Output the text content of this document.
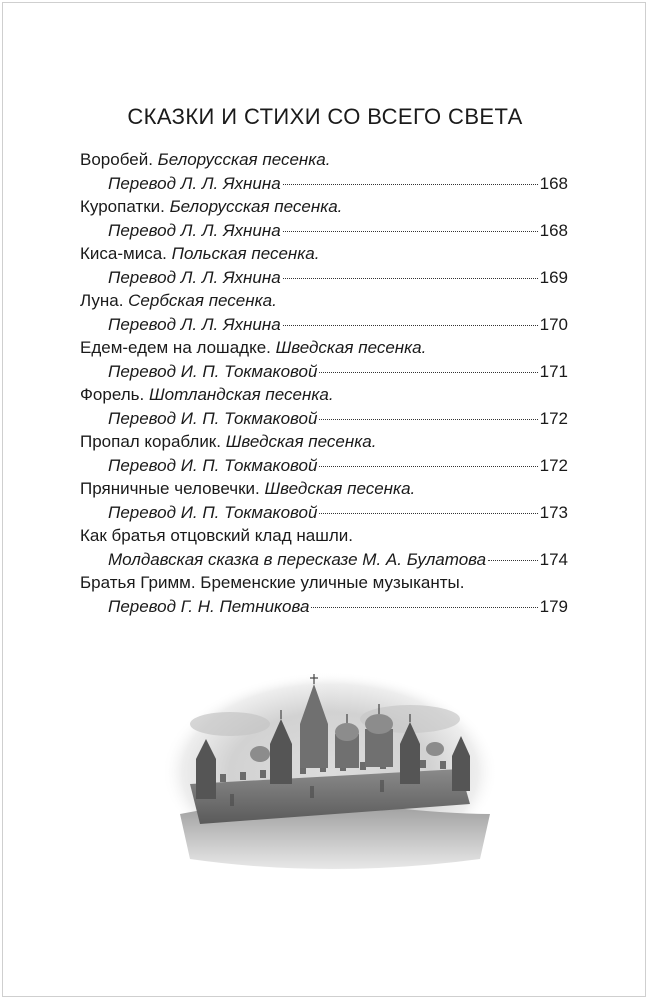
СКАЗКИ И СТИХИ СО ВСЕГО СВЕТА
Воробей. Белорусская песенка.
Перевод Л. Л. Яхнина	168
Куропатки. Белорусская песенка.
Перевод Л. Л. Яхнина	168
Киса-миса. Польская песенка.
Перевод Л. Л. Яхнина	169
Луна. Сербская песенка.
Перевод Л. Л. Яхнина	170
Едем-едем на лошадке. Шведская песенка.
Перевод И. П. Токмаковой	171
Форель. Шотландская песенка.
Перевод И. П. Токмаковой	172
Пропал кораблик. Шведская песенка.
Перевод И. П. Токмаковой	172
Пряничные человечки. Шведская песенка.
Перевод И. П. Токмаковой	173
Как братья отцовский клад нашли.
Молдавская сказка в пересказе М. А. Булатова	174
Братья Гримм. Бременские уличные музыканты.
Перевод Г. Н. Петникова	179
